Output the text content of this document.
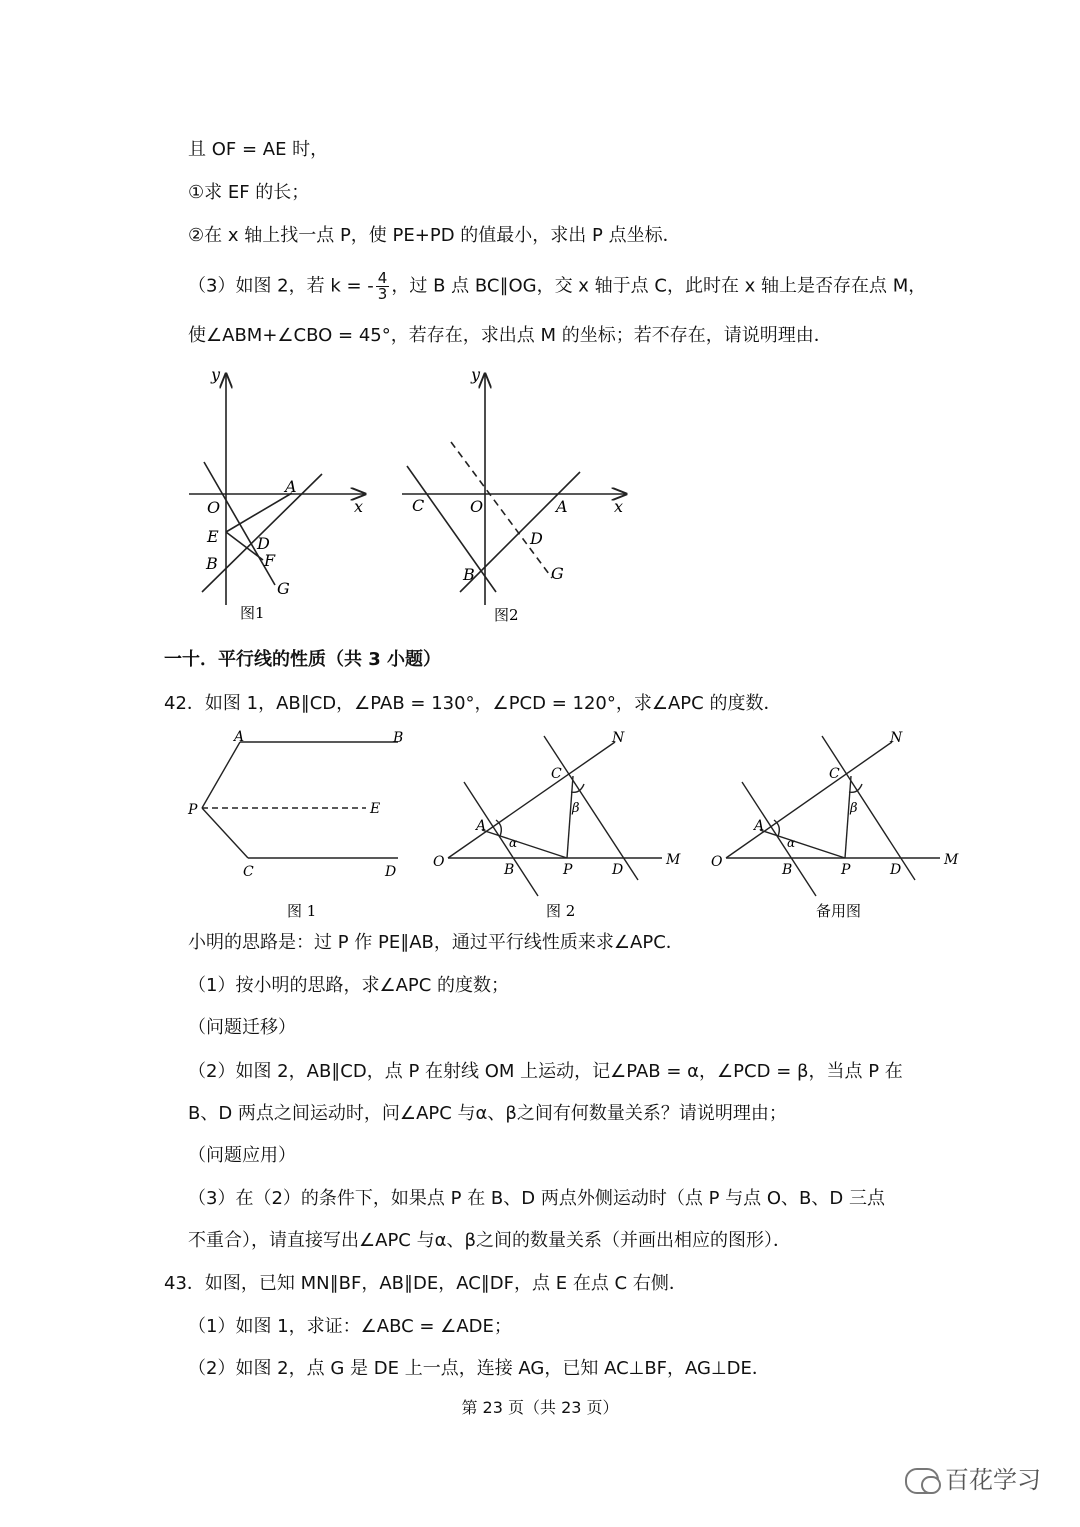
且 OF = AE 时，
①求 EF 的长；
②在 x 轴上找一点 P，使 PE+PD 的值最小，求出 P 点坐标．
（3）如图 2，若 k = - $\frac{4}{3}$ ，过 B 点 BC∥OG，交 x 轴于点 C，此时在 x 轴上是否存在点 M，
使∠ABM+∠CBO = 45°，若存在，求出点 M 的坐标；若不存在，请说明理由．
y
x
O
A
E D
B	F
G
图1
y
x
C	O	A
D
B	G
图2
一十．平行线的性质（共 3 小题）
42．如图 1，AB∥CD，∠PAB = 130°，∠PCD = 120°，求∠APC 的度数．
A	B
P	E
C	D
图 1
N
C
β
A
α
O	B	P	D
M
图 2
N
C
β
A
α
O	B	P	D
M
备用图
小明的思路是：过 P 作 PE∥AB，通过平行线性质来求∠APC．
（1）按小明的思路，求∠APC 的度数；
（问题迁移）
（2）如图 2，AB∥CD，点 P 在射线 OM 上运动，记∠PAB = α，∠PCD = β，当点 P 在
B、D 两点之间运动时，问∠APC 与α、β之间有何数量关系？请说明理由；
（问题应用）
（3）在（2）的条件下，如果点 P 在 B、D 两点外侧运动时（点 P 与点 O、B、D 三点
不重合），请直接写出∠APC 与α、β之间的数量关系（并画出相应的图形）．
43．如图，已知 MN∥BF，AB∥DE，AC∥DF，点 E 在点 C 右侧．
（1）如图 1，求证：∠ABC = ∠ADE；
（2）如图 2，点 G 是 DE 上一点，连接 AG，已知 AC⊥BF，AG⊥DE．
第 23 页（共 23 页）
百花学习
